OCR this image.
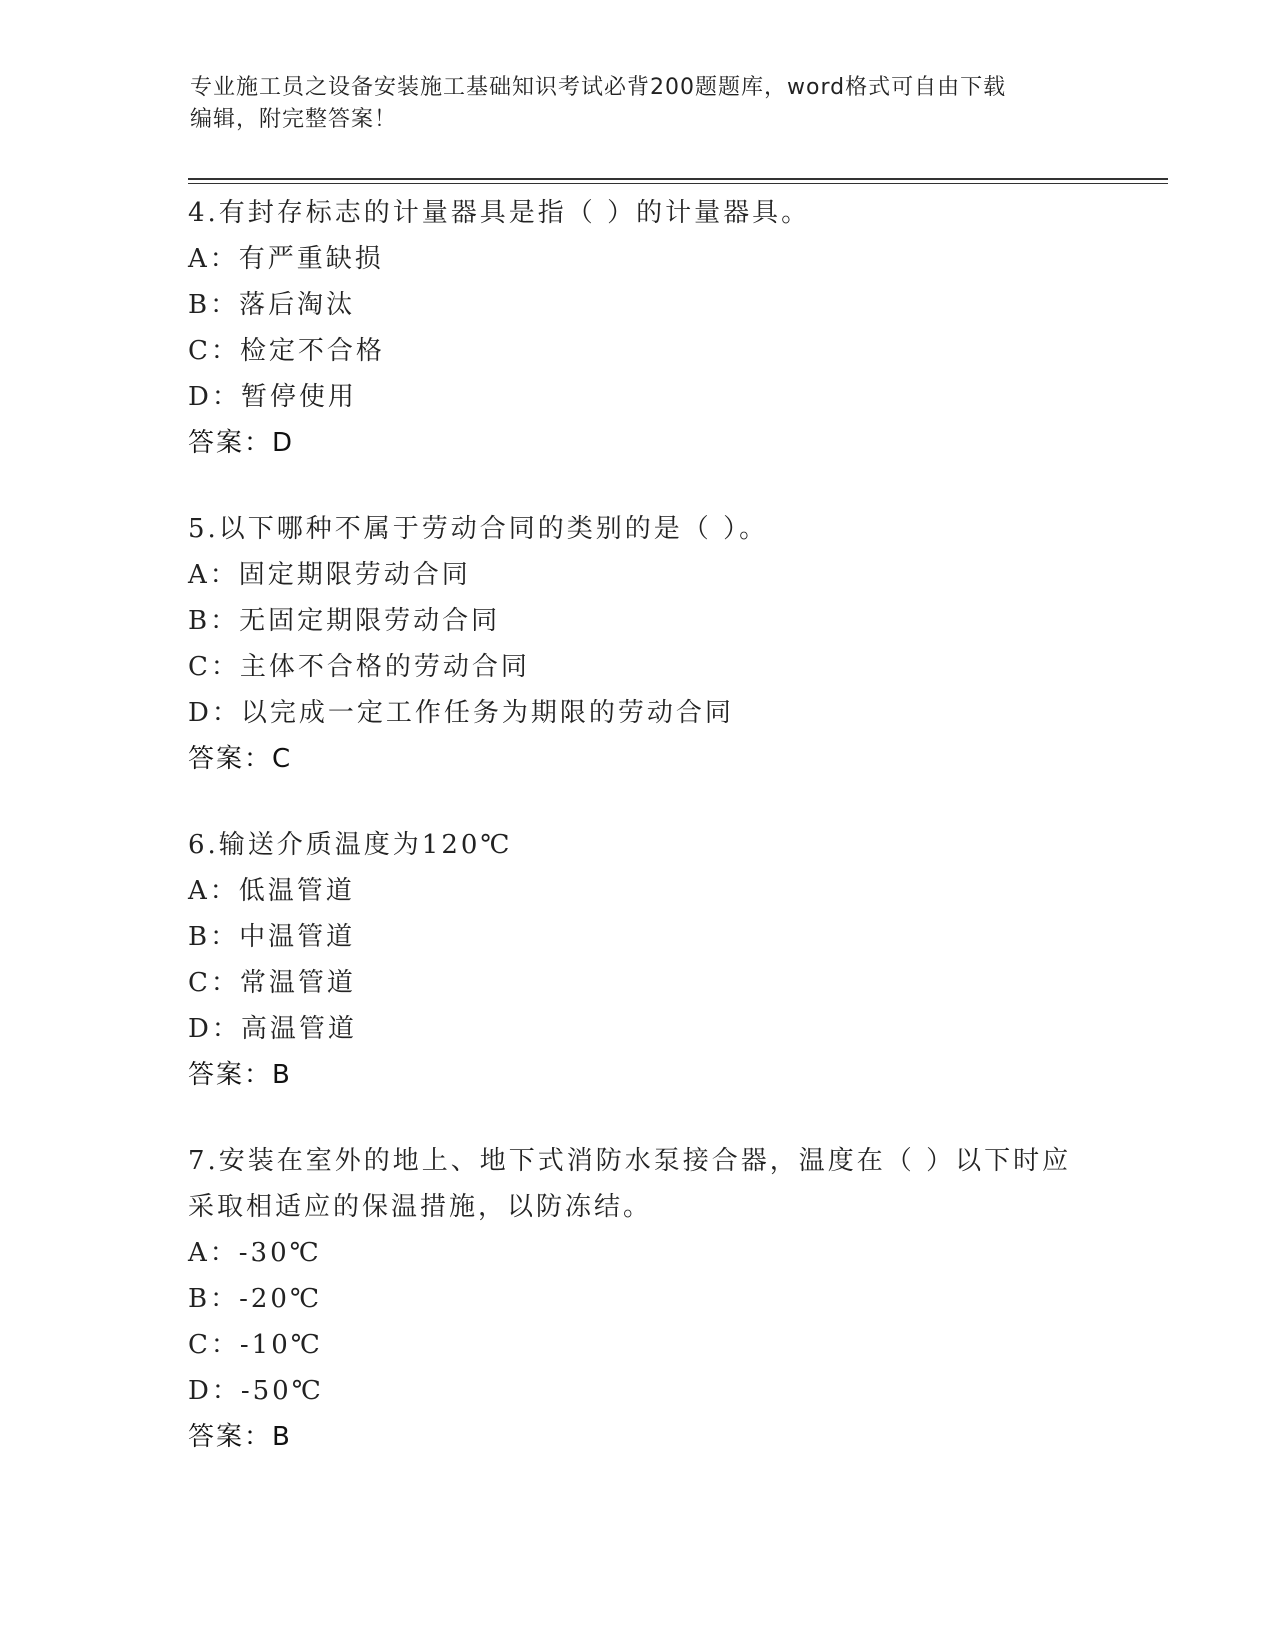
专业施工员之设备安装施工基础知识考试必背200题题库，word格式可自由下载
编辑，附完整答案！
4.有封存标志的计量器具是指（ ）的计量器具。
A：有严重缺损
B：落后淘汰
C：检定不合格
D：暂停使用
答案：D
5.以下哪种不属于劳动合同的类别的是（ ）。
A：固定期限劳动合同
B：无固定期限劳动合同
C：主体不合格的劳动合同
D：以完成一定工作任务为期限的劳动合同
答案：C
6.输送介质温度为120℃
A：低温管道
B：中温管道
C：常温管道
D：高温管道
答案：B
7.安装在室外的地上、地下式消防水泵接合器，温度在（ ）以下时应
采取相适应的保温措施，以防冻结。
A：-30℃
B：-20℃
C：-10℃
D：-50℃
答案：B
